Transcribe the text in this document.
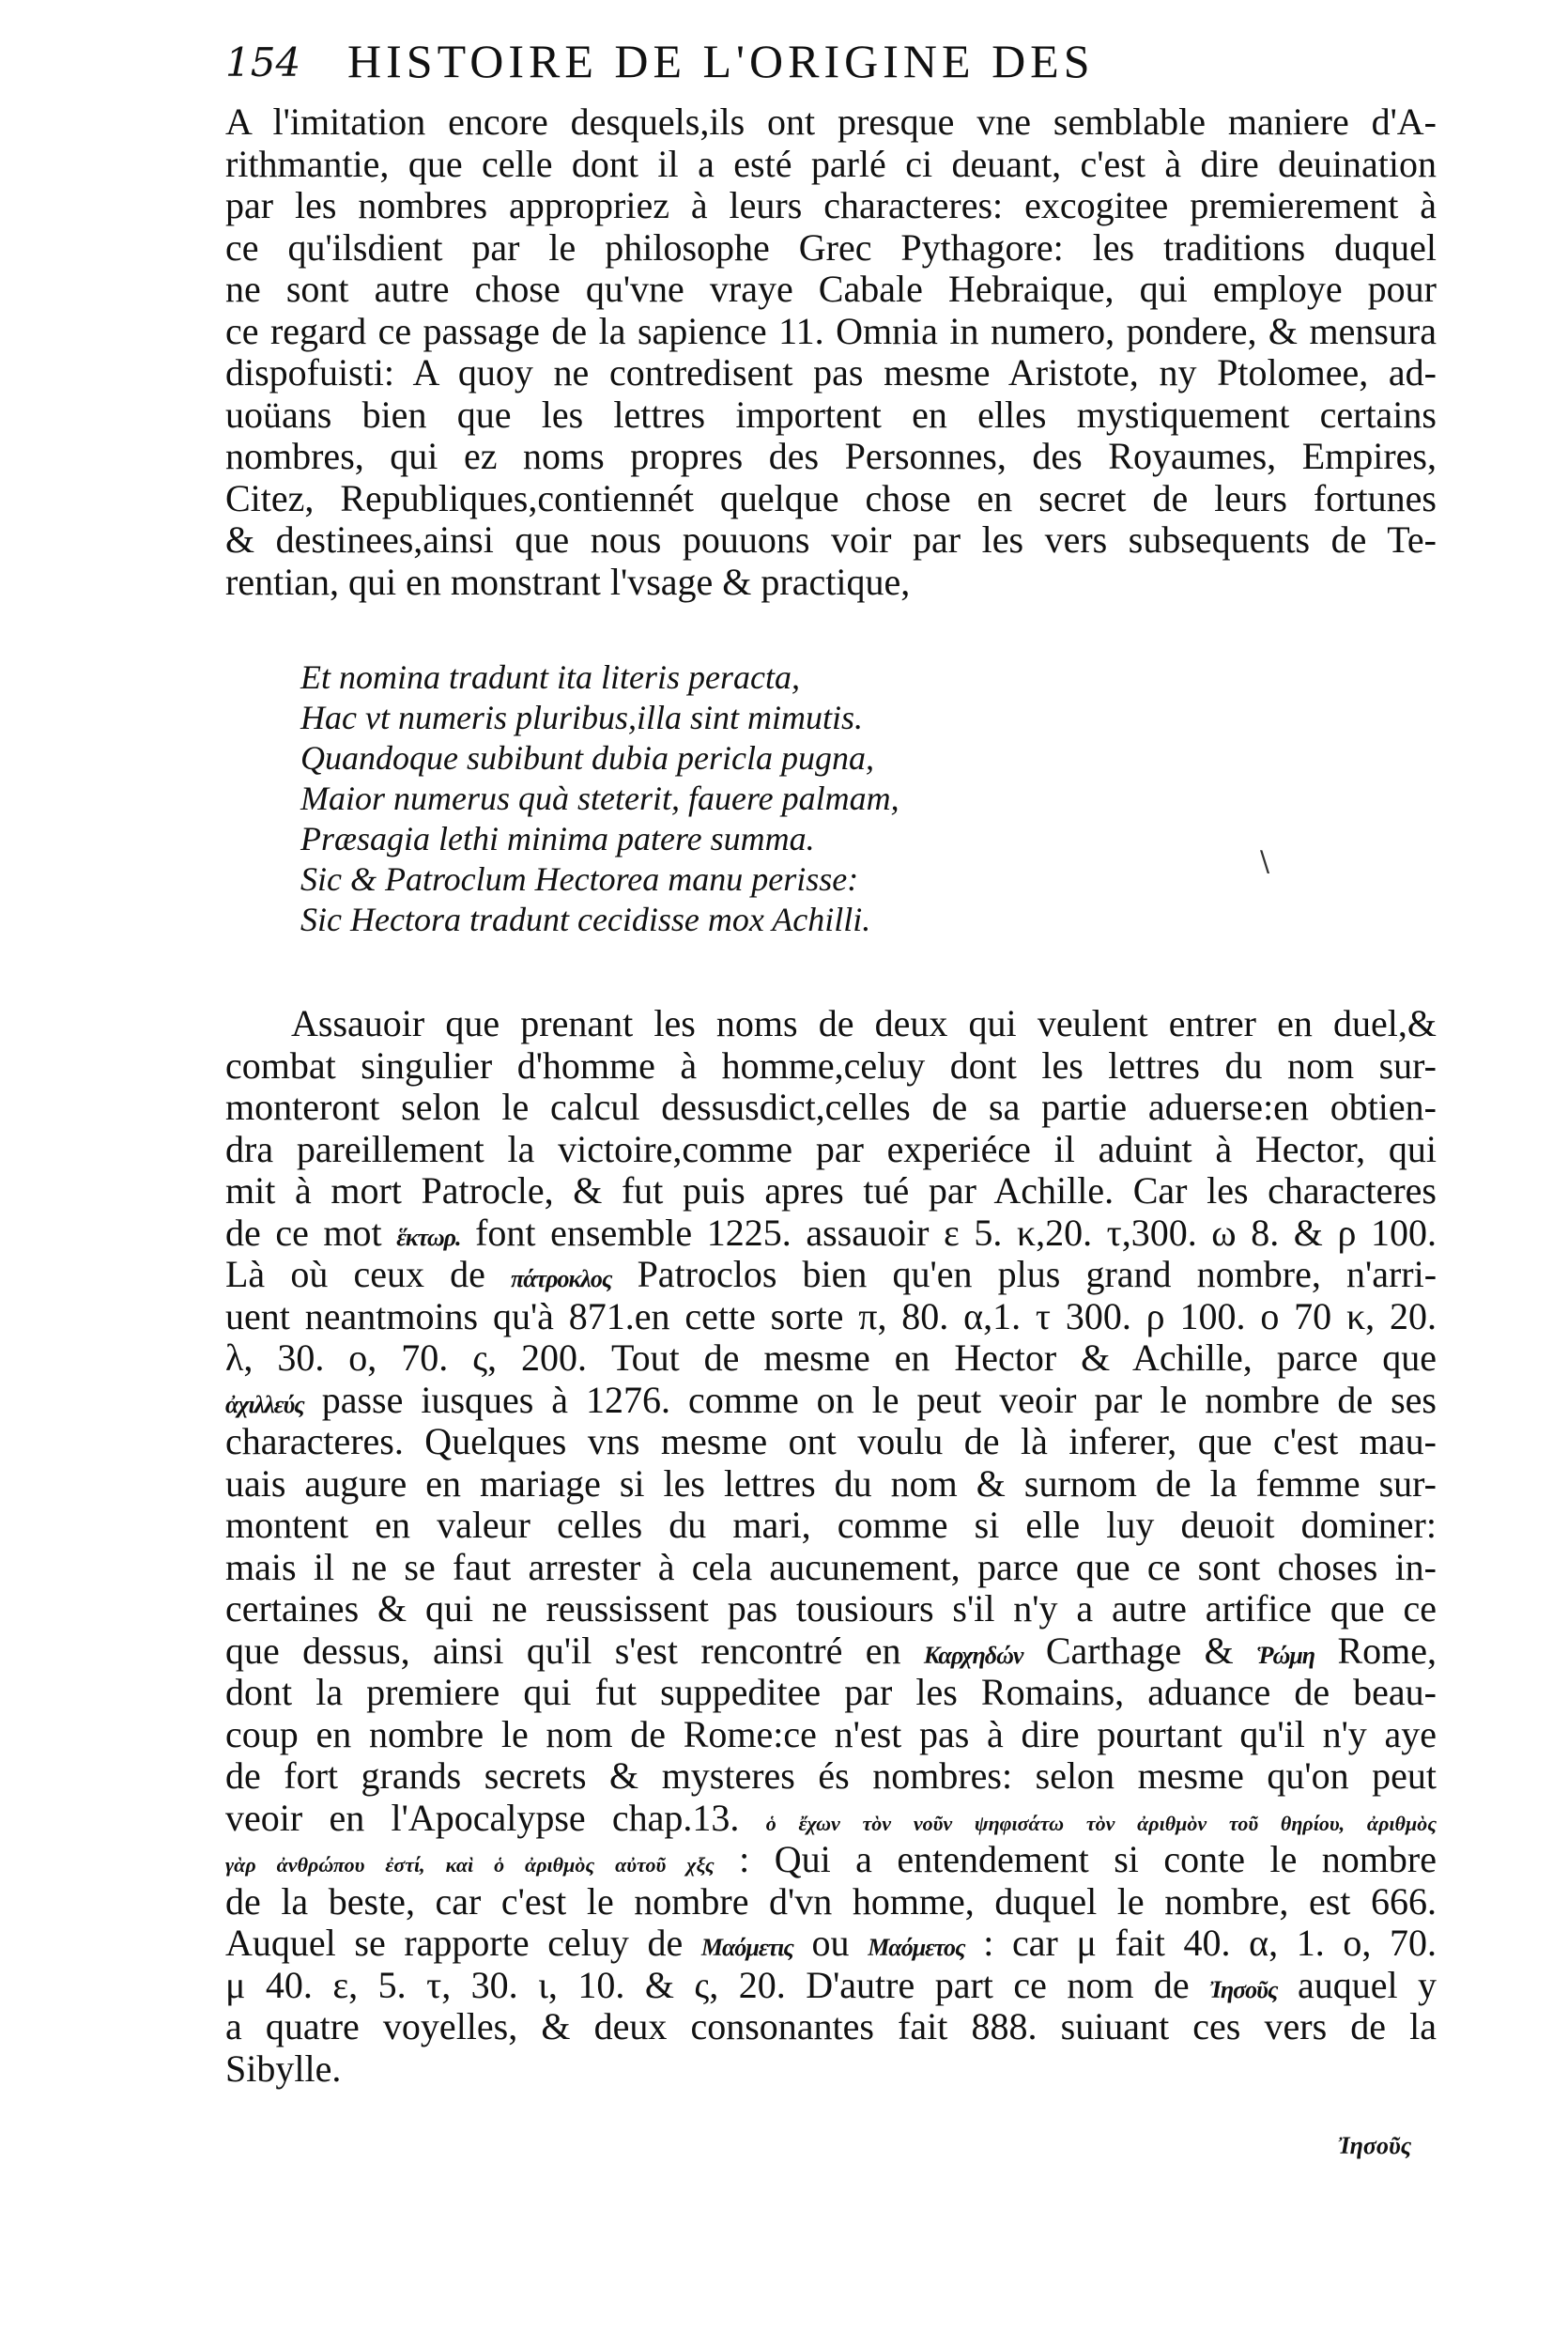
154 HISTOIRE DE L'ORIGINE DES
A l'imitation encore desquels,ils ont presque vne semblable maniere d'A-
rithmantie, que celle dont il a esté parlé ci deuant, c'est à dire deuination
par les nombres appropriez à leurs characteres: excogitee premierement à
ce qu'ilsdient par le philosophe Grec Pythagore: les traditions duquel
ne sont autre chose qu'vne vraye Cabale Hebraique, qui employe pour
ce regard ce passage de la sapience 11. Omnia in numero, pondere, & mensura
dispofuisti: A quoy ne contredisent pas mesme Aristote, ny Ptolomee, ad-
uoüans bien que les lettres importent en elles mystiquement certains
nombres, qui ez noms propres des Personnes, des Royaumes, Empires,
Citez, Republiques,contiennét quelque chose en secret de leurs fortunes
& destinees,ainsi que nous pouuons voir par les vers subsequents de Te-
rentian, qui en monstrant l'vsage & practique,
Et nomina tradunt ita literis peracta,
Hac vt numeris pluribus,illa sint mimutis.
Quandoque subibunt dubia pericla pugna,
Maior numerus quà steterit, fauere palmam,
Præsagia lethi minima patere summa.
Sic & Patroclum Hectorea manu perisse:
Sic Hectora tradunt cecidisse mox Achilli.
\
Assauoir que prenant les noms de deux qui veulent entrer en duel,&
combat singulier d'homme à homme,celuy dont les lettres du nom sur-
monteront selon le calcul dessusdict,celles de sa partie aduerse:en obtien-
dra pareillement la victoire,comme par experiéce il aduint à Hector, qui
mit à mort Patrocle, & fut puis apres tué par Achille. Car les characteres
de ce mot ἕκτωρ. font ensemble 1225. assauoir ε 5. κ,20. τ,300. ω 8. & ρ 100.
Là où ceux de πάτροκλος Patroclos bien qu'en plus grand nombre, n'arri-
uent neantmoins qu'à 871.en cette sorte π, 80. α,1. τ 300. ρ 100. ο 70 κ, 20.
λ, 30. ο, 70. ς, 200. Tout de mesme en Hector & Achille, parce que
ἀχιλλεύς passe iusques à 1276. comme on le peut veoir par le nombre de ses
characteres. Quelques vns mesme ont voulu de là inferer, que c'est mau-
uais augure en mariage si les lettres du nom & surnom de la femme sur-
montent en valeur celles du mari, comme si elle luy deuoit dominer:
mais il ne se faut arrester à cela aucunement, parce que ce sont choses in-
certaines & qui ne reussissent pas tousiours s'il n'y a autre artifice que ce
que dessus, ainsi qu'il s'est rencontré en Καρχηδών Carthage & Ῥώμη Rome,
dont la premiere qui fut suppeditee par les Romains, aduance de beau-
coup en nombre le nom de Rome:ce n'est pas à dire pourtant qu'il n'y aye
de fort grands secrets & mysteres és nombres: selon mesme qu'on peut
veoir en l'Apocalypse chap.13. ὁ ἔχων τὸν νοῦν ψηφισάτω τὸν ἀριθμὸν τοῦ θηρίου, ἀριθμὸς
γὰρ ἀνθρώπου ἐστί, καὶ ὁ ἀριθμὸς αὐτοῦ χξς : Qui a entendement si conte le nombre
de la beste, car c'est le nombre d'vn homme, duquel le nombre, est 666.
Auquel se rapporte celuy de Μαόμετις ou Μαόμετος : car μ fait 40. α, 1. ο, 70.
μ 40. ε, 5. τ, 30. ι, 10. & ς, 20. D'autre part ce nom de Ἰησοῦς auquel y
a quatre voyelles, & deux consonantes fait 888. suiuant ces vers de la
Sibylle.
Ἰησοῦς
